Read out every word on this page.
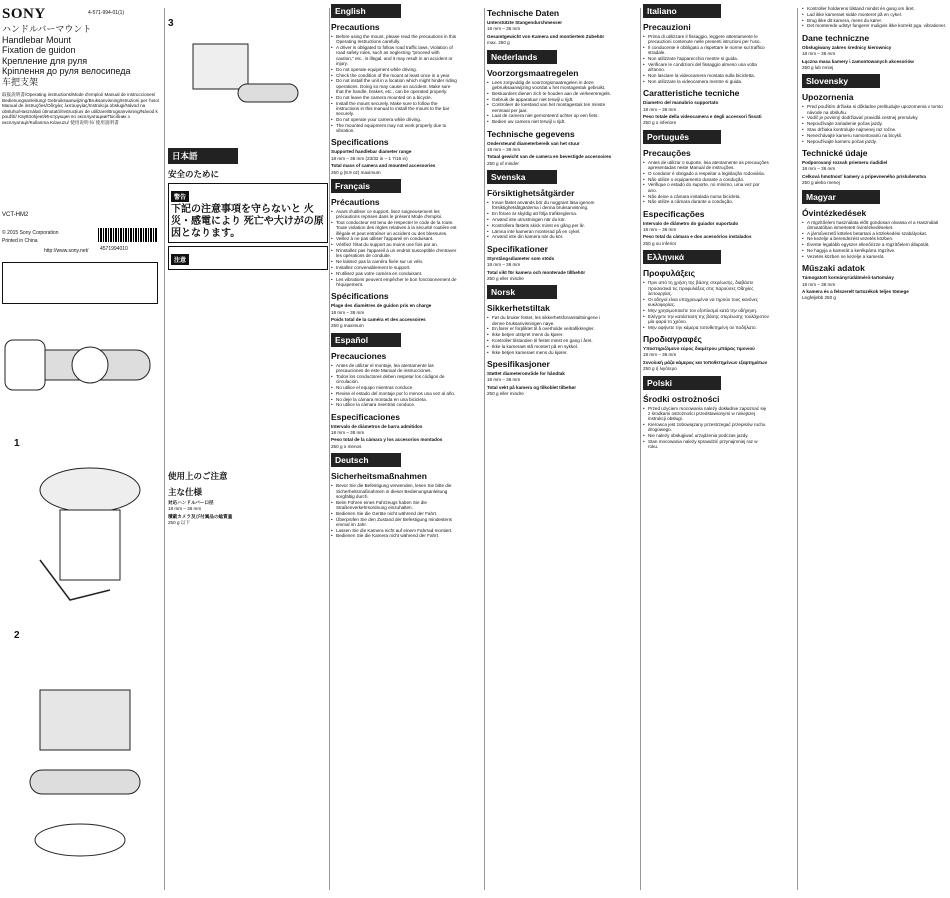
SONY	4-571-994-01(1)
ハンドルバーマウント
Handlebar Mount
Fixation de guidon
Крепление для руля
Кріплення до руля велосипеда
车把支架
取扱説明書/Operating instructions/Mode d'emploi/ Manual de instrucciones/ Bedienungsanleitung/ Gebruiksaanwijzing/Bruksanvisning/Istruzioni per l'uso/ Manual de instruções/Οδηγίες λειτουργίας/Instrukcja obsługi/Návod na obsluhu/Használati útmutató/Instrucțiuni de utilizare/Brugsanvisning/Návod k použití/ Käyttöohjeet/Инструкция по эксплуатации/Посібник з експлуатації/Kullanma Kılavuzu/ 使用说明书/ 使用說明書
VCT-HM2
© 2015 Sony Corporation
4571994010
Printed in China
http://www.sony.net/
1
2
3
日本語
安全のために
警告
下記の注意事項を守らないと 火災・感電により 死亡や大けがの原因となります。
注意
使用上のご注意
主な仕様
対応ハンドルバー口径
18 mm – 36 mm
積載カメラ及び付属品の総質量
250 g 以下
English
Precautions
• Before using the mount, please read the precautions in this Operating Instructions carefully.
• A driver is obligated to follow road traffic laws. Violation of road safety rules, such as neglecting "proceed with caution," etc., is illegal, and it may result in an accident or injury.
• Do not operate equipment while driving.
• Check the condition of the mount at least once in a year.
• Do not install the unit in a location which might hinder riding operations. Doing so may cause an accident. Make sure that the handle, brakes, etc., can be operated properly.
• Do not leave the camera mounted on a bicycle.
• Install the mount securely. Make sure to follow the instructions in this manual to install the mount to the bar securely.
• Do not operate your camera while driving.
• The mounted equipment may not work properly due to vibration.
Specifications
Supported handlebar diameter range
18 mm – 36 mm (23/32 in – 1 7/16 in)
Total mass of camera and mounted accessories
250 g (8.9 oz) maximum
Français
Précautions
• Avant d'utiliser ce support, lisez soigneusement les précautions reprises dans le présent Mode d'emploi.
• Tout conducteur est tenu de respecter le code de la route. Toute violation des règles relatives à la sécurité routière est illégale et peut entraîner un accident ou des blessures.
• Veillez à ne pas utiliser l'appareil en conduisant.
• Vérifiez l'état du support au moins une fois par an.
• N'installez pas l'appareil à un endroit susceptible d'entraver les opérations de conduite.
• Ne laissez pas la caméra fixée sur un vélo.
• Installez convenablement le support.
• N'utilisez pas votre caméra en conduisant.
• Les vibrations peuvent empêcher le bon fonctionnement de l'équipement.
Spécifications
Plage des diamètres de guidon pris en charge
18 mm – 36 mm
Poids total de la caméra et des accessoires
250 g maximum
Español
Precauciones
• Antes de utilizar el montaje, lea atentamente las precauciones de este Manual de instrucciones.
• Todos los conductores deben respetar los códigos de circulación.
• No utilice el equipo mientras conduce.
• Revise el estado del montaje por lo menos una vez al año.
• No deje la cámara montada en una bicicleta.
• No utilice la cámara mientras conduce.
Especificaciones
Intervalo de diámetros de barra admitidos
18 mm – 36 mm
Peso total de la cámara y los accesorios montados
250 g o menos
Deutsch
Sicherheitsmaßnahmen
• Bevor Sie die Befestigung verwenden, lesen Sie bitte die Sicherheitsmaßnahmen in dieser Bedienungsanleitung sorgfältig durch.
• Beim Führen eines Fahrzeugs haben Sie die Straßenverkehrsordnung einzuhalten.
• Bedienen Sie die Geräte nicht während der Fahrt.
• Überprüfen Sie den Zustand der Befestigung mindestens einmal im Jahr.
• Lassen Sie die Kamera nicht auf einem Fahrrad montiert.
• Bedienen Sie die Kamera nicht während der Fahrt.
Technische Daten
Unterstützte Stangendurchmesser
18 mm – 36 mm
Gesamtgewicht von Kamera und montiertem Zubehör
max. 250 g
Nederlands
Voorzorgsmaatregelen
• Lees zorgvuldig de voorzorgsmaatregelen in deze gebruiksaanwijzing voordat u het montagestuk gebruikt.
• Bestuurders dienen zich te houden aan de verkeersregels.
• Gebruik de apparatuur niet terwijl u rijdt.
• Controleer de toestand van het montagestuk ten minste eenmaal per jaar.
• Laat de camera niet gemonteerd achter op een fiets.
• Bedien uw camera niet terwijl u rijdt.
Technische gegevens
Ondersteund diameterbereik van het stuur
18 mm – 36 mm
Totaal gewicht van de camera en bevestigde accessoires
250 g of minder
Svenska
Försiktighetsåtgärder
• Innan fästet används bör du noggrant läsa igenom försiktighetsåtgärderna i denna bruksanvisning.
• En förare är skyldig att följa trafikreglerna.
• Använd inte utrustningen när du kör.
• Kontrollera fästets skick minst en gång per år.
• Lämna inte kameran monterad på en cykel.
• Använd inte din kamera när du kör.
Specifikationer
Styrstångsdiameter som stöds
18 mm – 36 mm
Total vikt för kamera och monterade tillbehör
250 g eller mindre
Norsk
Sikkerhetstiltak
• Før du bruker festet, les sikkerhetsforanstaltningene i denne bruksanvisningen nøye.
• En fører er forpliktet til å overholde veitrafikkregler.
• Ikke betjen utstyret mens du kjører.
• Kontroller tilstanden til festet minst en gang i året.
• Ikke la kameraet stå montert på en sykkel.
• Ikke betjen kameraet mens du kjører.
Spesifikasjoner
Støttet diameterområde for håndtak
18 mm – 36 mm
Total vekt på kamera og tilkoblet tilbehør
250 g eller mindre
Italiano
Precauzioni
• Prima di utilizzare il fissaggio, leggere attentamente le precauzioni contenute nelle presenti istruzioni per l'uso.
• Il conducente è obbligato a rispettare le norme sul traffico stradale.
• Non utilizzare l'apparecchio mentre si guida.
• Verificare le condizioni del fissaggio almeno una volta all'anno.
• Non lasciare la videocamera montata sulla bicicletta.
• Non utilizzare la videocamera mentre si guida.
Caratteristiche tecniche
Diametro del manubrio supportato
18 mm – 36 mm
Peso totale della videocamera e degli accessori fissati
250 g o inferiore
Português
Precauções
• Antes de utilizar o suporte, leia atentamente as precauções apresentadas neste Manual de instruções.
• O condutor é obrigado a respeitar a legislação rodoviária.
• Não utilize o equipamento durante a condução.
• Verifique o estado do suporte, no mínimo, uma vez por ano.
• Não deixe a câmara instalada numa bicicleta.
• Não utilize a câmara durante a condução.
Especificações
Intervalo de diâmetro do guiador suportado
18 mm – 36 mm
Peso total da câmara e dos acessórios instalados
250 g ou inferior
Ελληνικά
Προφυλάξεις
• Πριν από τη χρήση της βάσης στερέωσης, διαβάστε προσεκτικά τις προφυλάξεις στις παρούσες Οδηγίες λειτουργίας.
• Οι οδηγοί είναι υποχρεωμένοι να τηρούν τους κανόνες κυκλοφορίας.
• Μην χρησιμοποιείτε τον εξοπλισμό κατά την οδήγηση.
• Ελέγχετε την κατάσταση της βάσης στερέωσης τουλάχιστον μία φορά το χρόνο.
• Μην αφήνετε την κάμερα τοποθετημένη σε ποδήλατο.
Προδιαγραφές
Υποστηριζόμενο εύρος διαμέτρου μπάρας τιμονιού
18 mm – 36 mm
Συνολική μάζα κάμερας και τοποθετημένων εξαρτημάτων
250 g ή λιγότερο
Polski
Środki ostrożności
• Przed użyciem mocowania należy dokładnie zapoznać się z środkami ostrożności przedstawionymi w niniejszej instrukcji obsługi.
• Kierowca jest zobowiązany przestrzegać przepisów ruchu drogowego.
• Nie należy obsługiwać urządzenia podczas jazdy.
• Stan mocowania należy sprawdzić przynajmniej raz w roku.
• Kontroller holderens tilstand mindst én gang om året.
• Lad ikke kameraet sidde monteret på en cykel.
• Brug ikke dit kamera, mens du kører.
• Det monterede udstyr fungerer muligvis ikke korrekt pga. vibrationer.
Dane techniczne
Obsługiwany zakres średnicy kierownicy
18 mm – 36 mm
Łączna masa kamery i zamontowanych akcesoriów
250 g lub mniej
Slovensky
Upozornenia
• Pred použitím držiaka si dôkladne preštudujte upozornenia v tomto návode na obsluhu.
• Vodič je povinný dodržiavať pravidlá cestnej premávky.
• Nepoužívajte zariadenie počas jazdy.
• Stav držiaka kontrolujte najmenej raz ročne.
• Nenechávajte kameru namontovanú na bicykli.
• Nepoužívajte kameru počas jazdy.
Technické údaje
Podporovaný rozsah priemeru riadidiel
18 mm – 36 mm
Celková hmotnosť kamery a pripevneného príslušenstva
250 g alebo menej
Magyar
Óvintézkedések
• A rögzítőelem használata előtt gondosan olvassa el a Használati útmutatóban ismertetett óvintézkedéseket.
• A járművezető köteles betartani a közlekedési szabályokat.
• Ne kezelje a berendezést vezetés közben.
• Évente legalább egyszer ellenőrizze a rögzítőelem állapotát.
• Ne hagyja a kamerát a kerékpárra rögzítve.
• Vezetés közben ne kezelje a kamerát.
Műszaki adatok
Támogatott kormányrúdátmérő-tartomány
18 mm – 36 mm
A kamera és a felszerelt tartozékok teljes tömege
Legfeljebb 250 g
